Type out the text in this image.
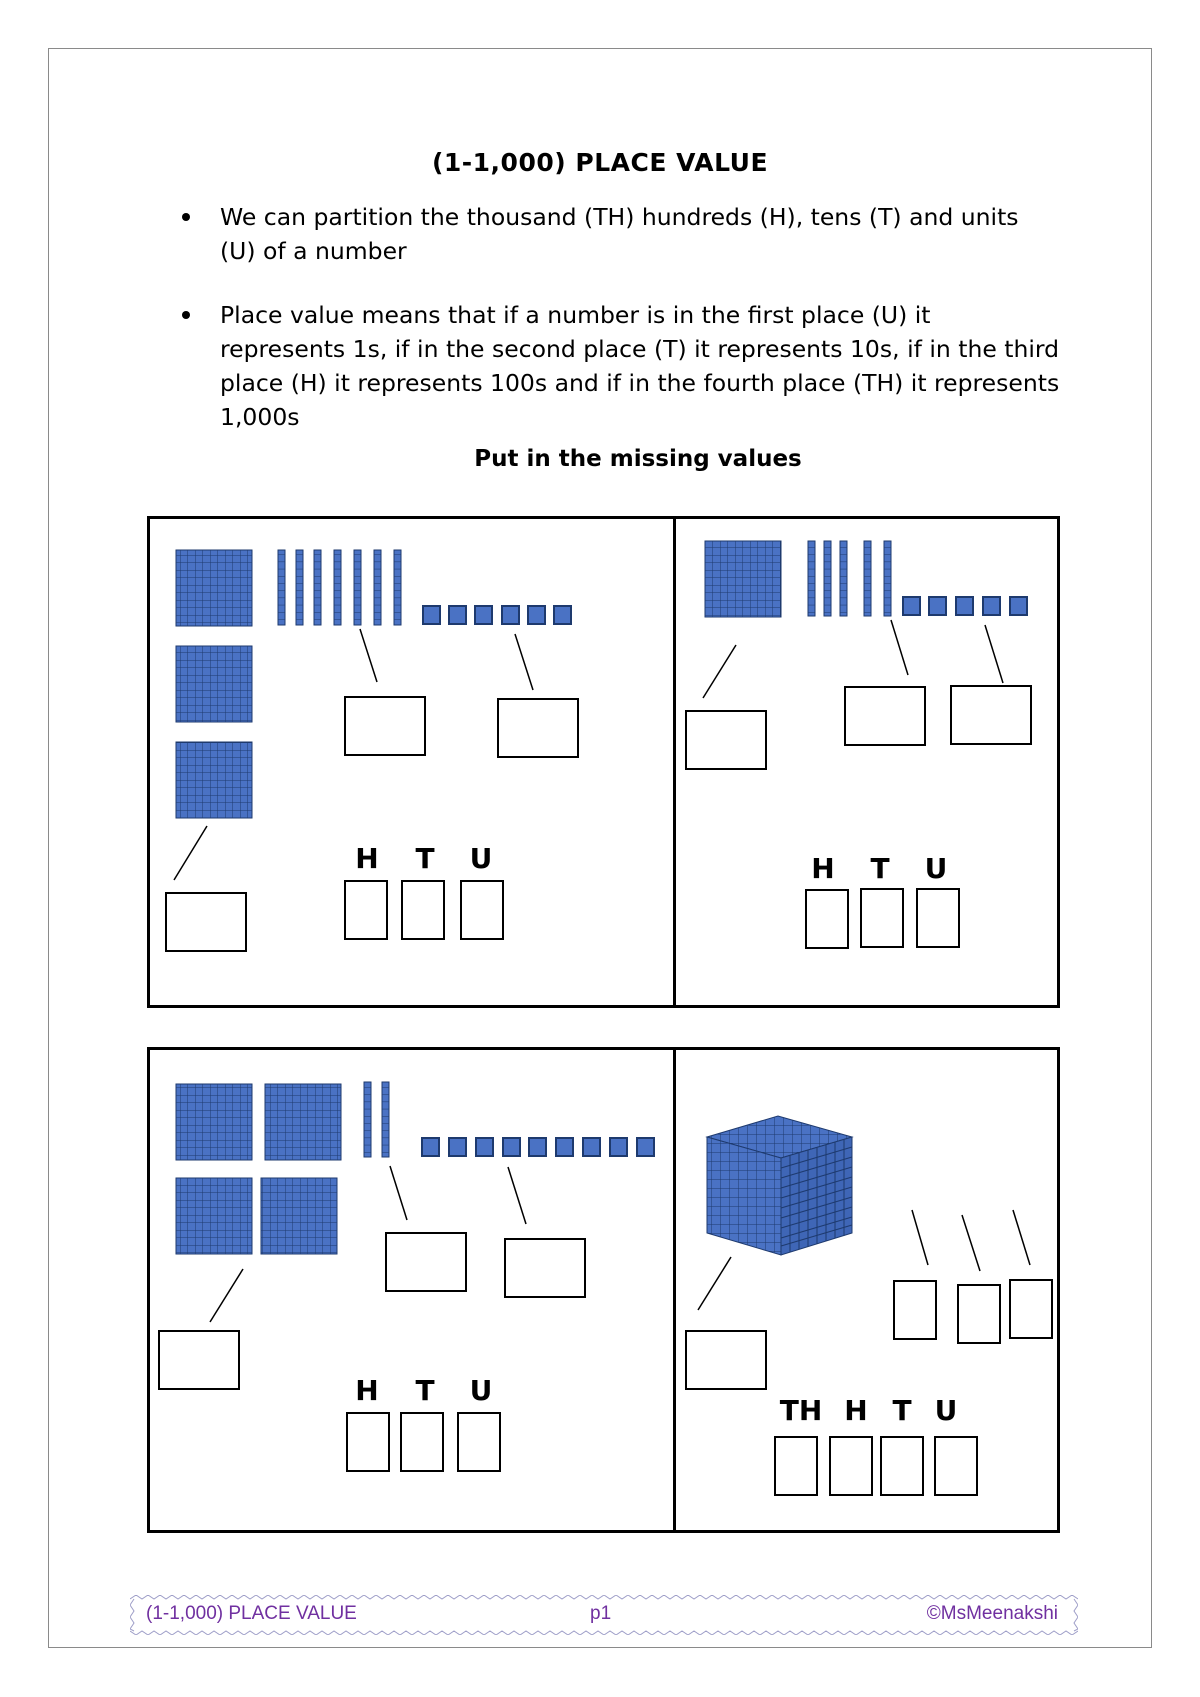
(1-1,000) PLACE VALUE
We can partition the thousand (TH) hundreds (H), tens (T) and units (U) of a number
Place value means that if a number is in the first place (U) it represents 1s, if in the second place (T) it represents 10s, if in the third place (H) it represents 100s and if in the fourth place (TH) it represents 1,000s
Put in the missing values
H	T	U	H	T	U
H	T	U
TH H T U
(1-1,000) PLACE VALUE	p1	©MsMeenakshi
